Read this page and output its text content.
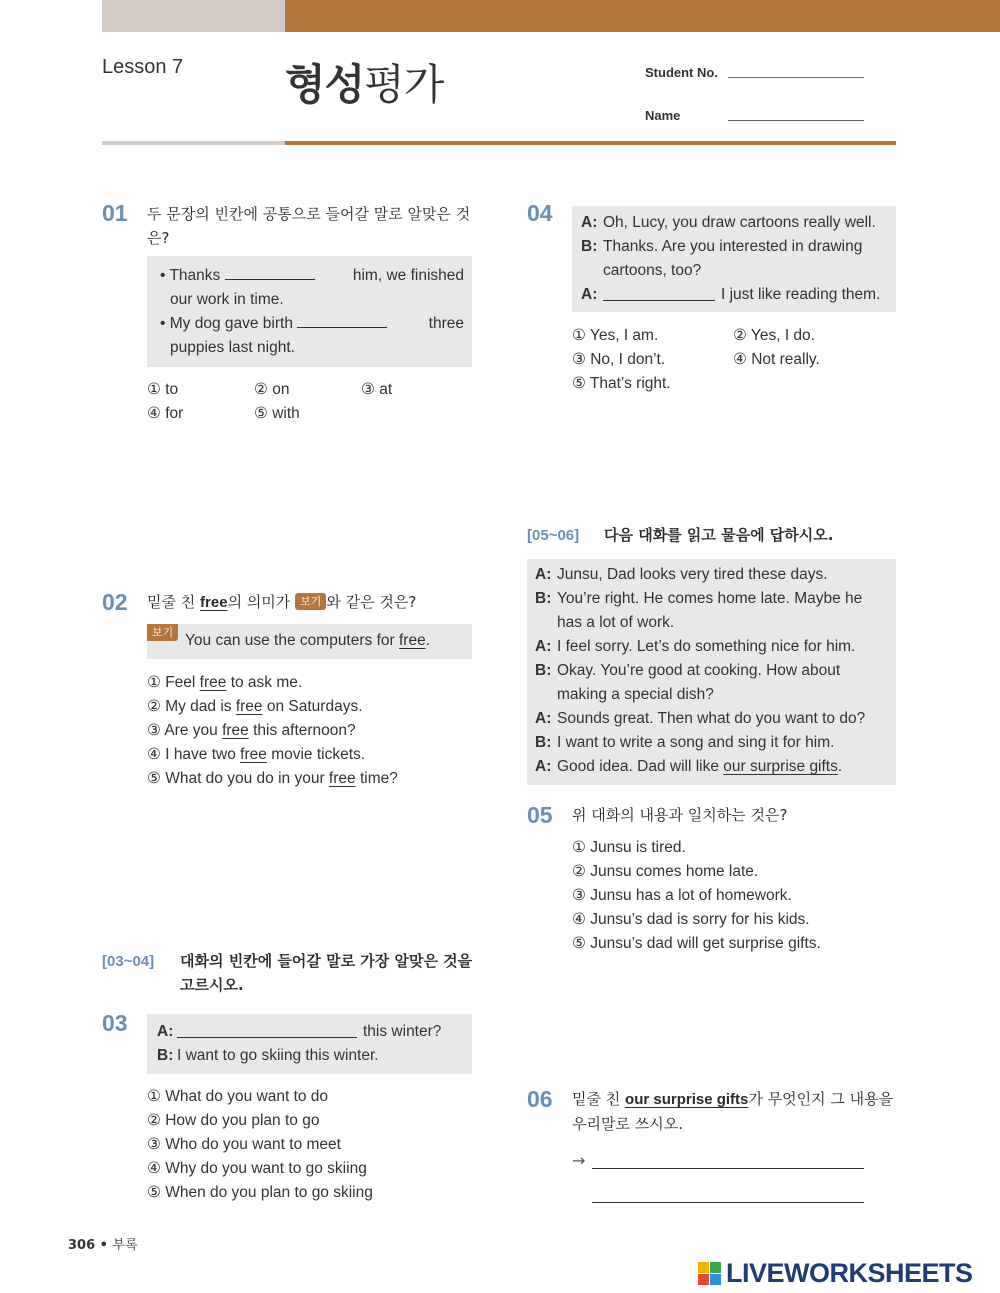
Lesson 7 형성평가	Student No.
Name
01 두 문장의 빈칸에 공통으로 들어갈 말로 알맞은 것은?
• Thanks	him, we finished
our work in time.
• My dog gave birth	three
puppies last night.
① to	② on	③ at
④ for	⑤ with
02 밑줄 친 free의 의미가 보기 와 같은 것은?
보기 You can use the computers for free.
① Feel free to ask me.
② My dad is free on Saturdays.
③ Are you free this afternoon?
④ I have two free movie tickets.
⑤ What do you do in your free time?
[03~04] 대화의 빈칸에 들어갈 말로 가장 알맞은 것을 고르시오.
03 A:	this winter?
B: I want to go skiing this winter.
① What do you want to do
② How do you plan to go
③ Who do you want to meet
④ Why do you want to go skiing
⑤ When do you plan to go skiing
04 A: Oh, Lucy, you draw cartoons really well.
B: Thanks. Are you interested in drawing cartoons, too?
A:	I just like reading them.
① Yes, I am.	② Yes, I do.
③ No, I don’t.	④ Not really.
⑤ That’s right.
[05~06] 다음 대화를 읽고 물음에 답하시오.
A: Junsu, Dad looks very tired these days.
B: You’re right. He comes home late. Maybe he has a lot of work.
A: I feel sorry. Let’s do something nice for him.
B: Okay. You’re good at cooking. How about making a special dish?
A: Sounds great. Then what do you want to do?
B: I want to write a song and sing it for him.
A: Good idea. Dad will like our surprise gifts.
05 위 대화의 내용과 일치하는 것은?
① Junsu is tired.
② Junsu comes home late.
③ Junsu has a lot of homework.
④ Junsu’s dad is sorry for his kids.
⑤ Junsu’s dad will get surprise gifts.
06 밑줄 친 our surprise gifts가 무엇인지 그 내용을 우리말로 쓰시오.
→
306 • 부록
LIVEWORKSHEETS
